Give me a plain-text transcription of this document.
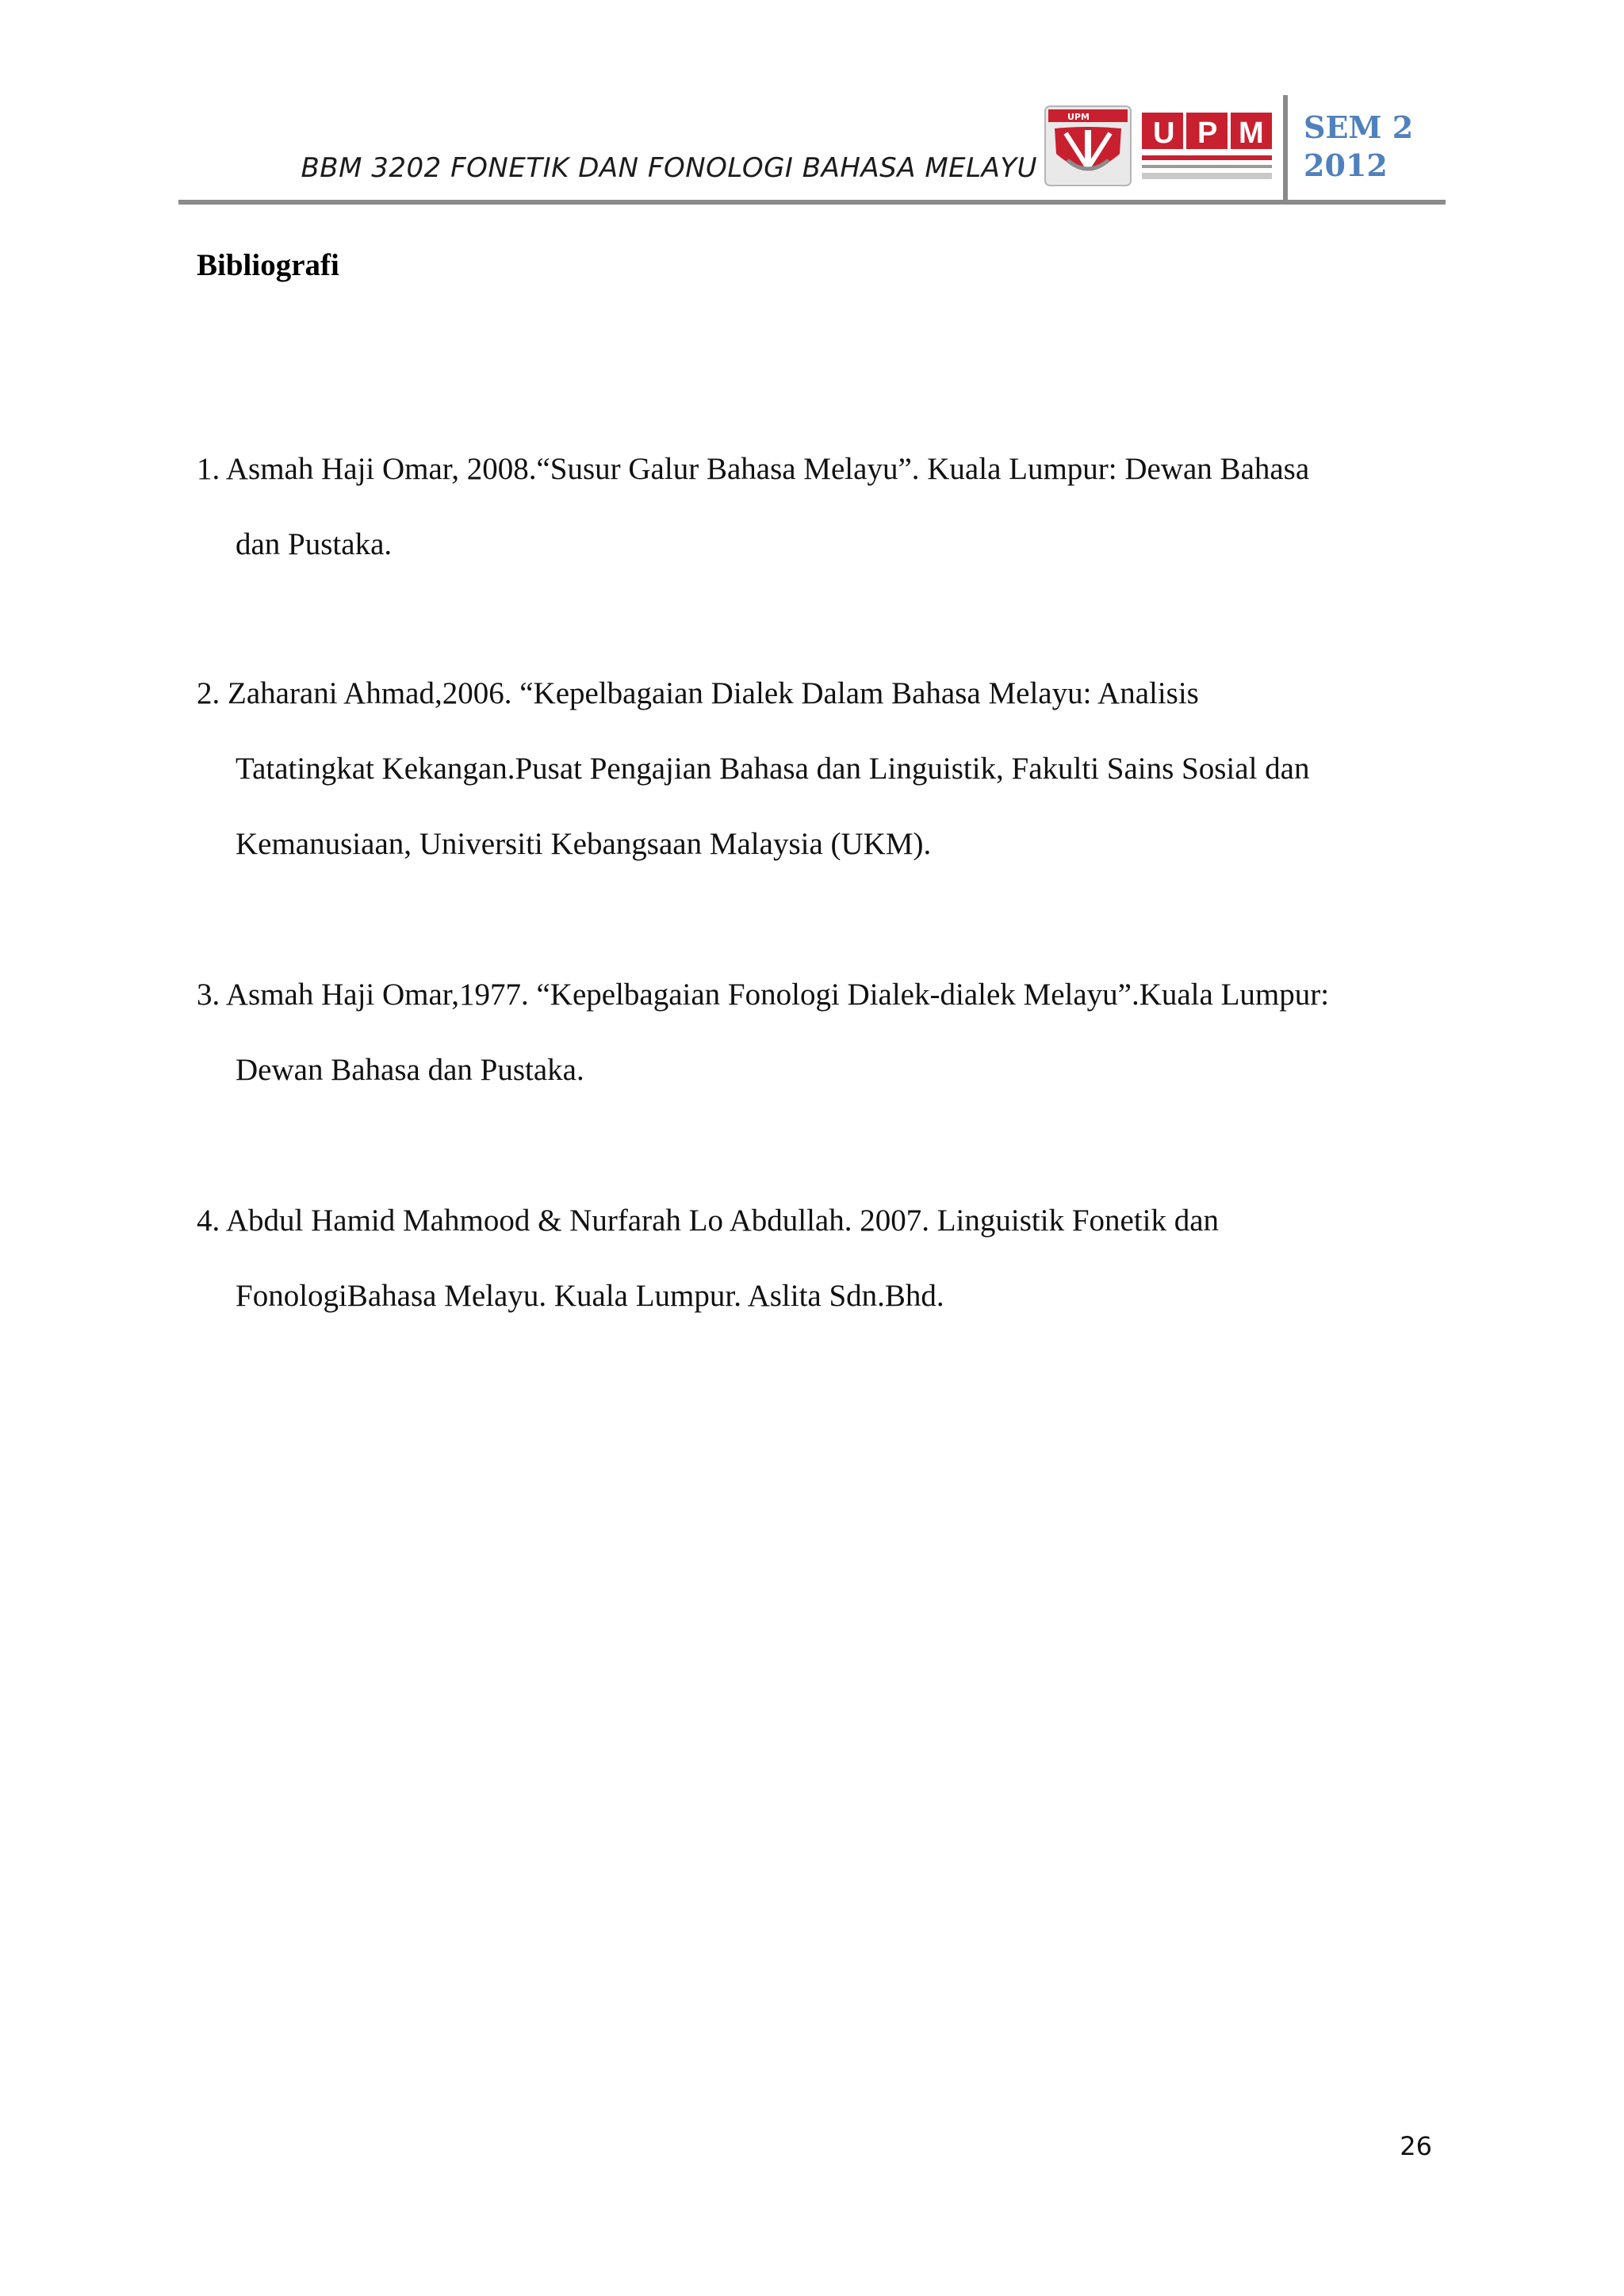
BBM 3202 FONETIK DAN FONOLOGI BAHASA MELAYU
UPM U P M SEM 2
2012
Bibliografi
1. Asmah Haji Omar, 2008.“Susur Galur Bahasa Melayu”. Kuala Lumpur: Dewan Bahasa
dan Pustaka.
2. Zaharani Ahmad,2006. “Kepelbagaian Dialek Dalam Bahasa Melayu: Analisis
Tatatingkat Kekangan.Pusat Pengajian Bahasa dan Linguistik, Fakulti Sains Sosial dan
Kemanusiaan, Universiti Kebangsaan Malaysia (UKM).
3. Asmah Haji Omar,1977. “Kepelbagaian Fonologi Dialek-dialek Melayu”.Kuala Lumpur:
Dewan Bahasa dan Pustaka.
4. Abdul Hamid Mahmood & Nurfarah Lo Abdullah. 2007. Linguistik Fonetik dan
FonologiBahasa Melayu. Kuala Lumpur. Aslita Sdn.Bhd.
26
